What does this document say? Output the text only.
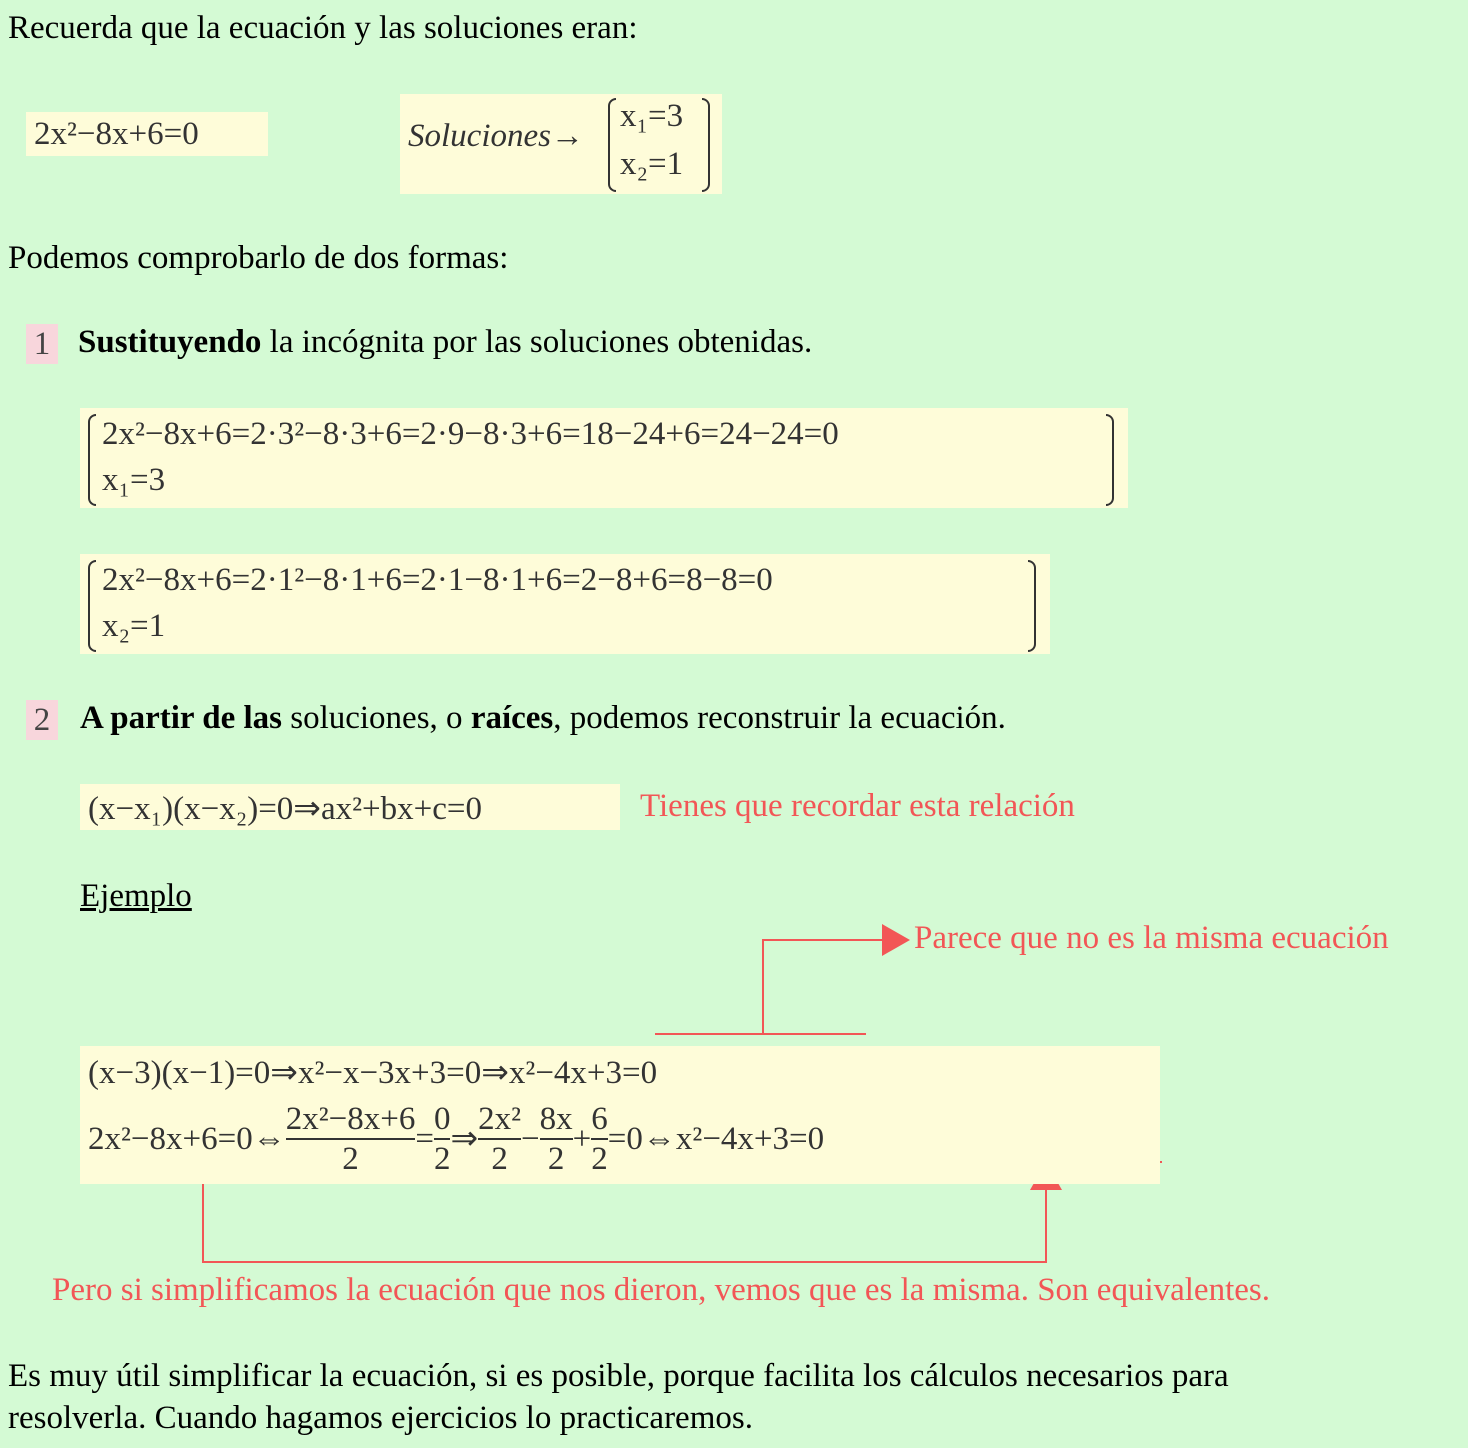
Recuerda que la ecuación y las soluciones eran:
2x²−8x+6=0	Soluciones→
x₁=3
x₂=1
Podemos comprobarlo de dos formas:
1 Sustituyendo la incógnita por las soluciones obtenidas.
2x²−8x+6=2·3²−8·3+6=2·9−8·3+6=18−24+6=24−24=0
x₁=3
2x²−8x+6=2·1²−8·1+6=2·1−8·1+6=2−8+6=8−8=0
x₂=1
2 A partir de las soluciones, o raíces, podemos reconstruir la ecuación.
(x−x₁)(x−x₂)=0⇒ax²+bx+c=0	Tienes que recordar esta relación
Ejemplo
Parece que no es la misma ecuación
(x−3)(x−1)=0⇒x²−x−3x+3=0⇒x²−4x+3=0
2x²−8x+6=0⇔ $\frac{\text{2x²−8x+6}}{2} = \frac{0}{2}$ ⇒ $\frac{\text{2x²}}{2} - \frac{8x}{2} + \frac{6}{2}$ =0⇔x²−4x+3=0
Pero si simplificamos la ecuación que nos dieron, vemos que es la misma. Son equivalentes.
Es muy útil simplificar la ecuación, si es posible, porque facilita los cálculos necesarios para
resolverla. Cuando hagamos ejercicios lo practicaremos.
